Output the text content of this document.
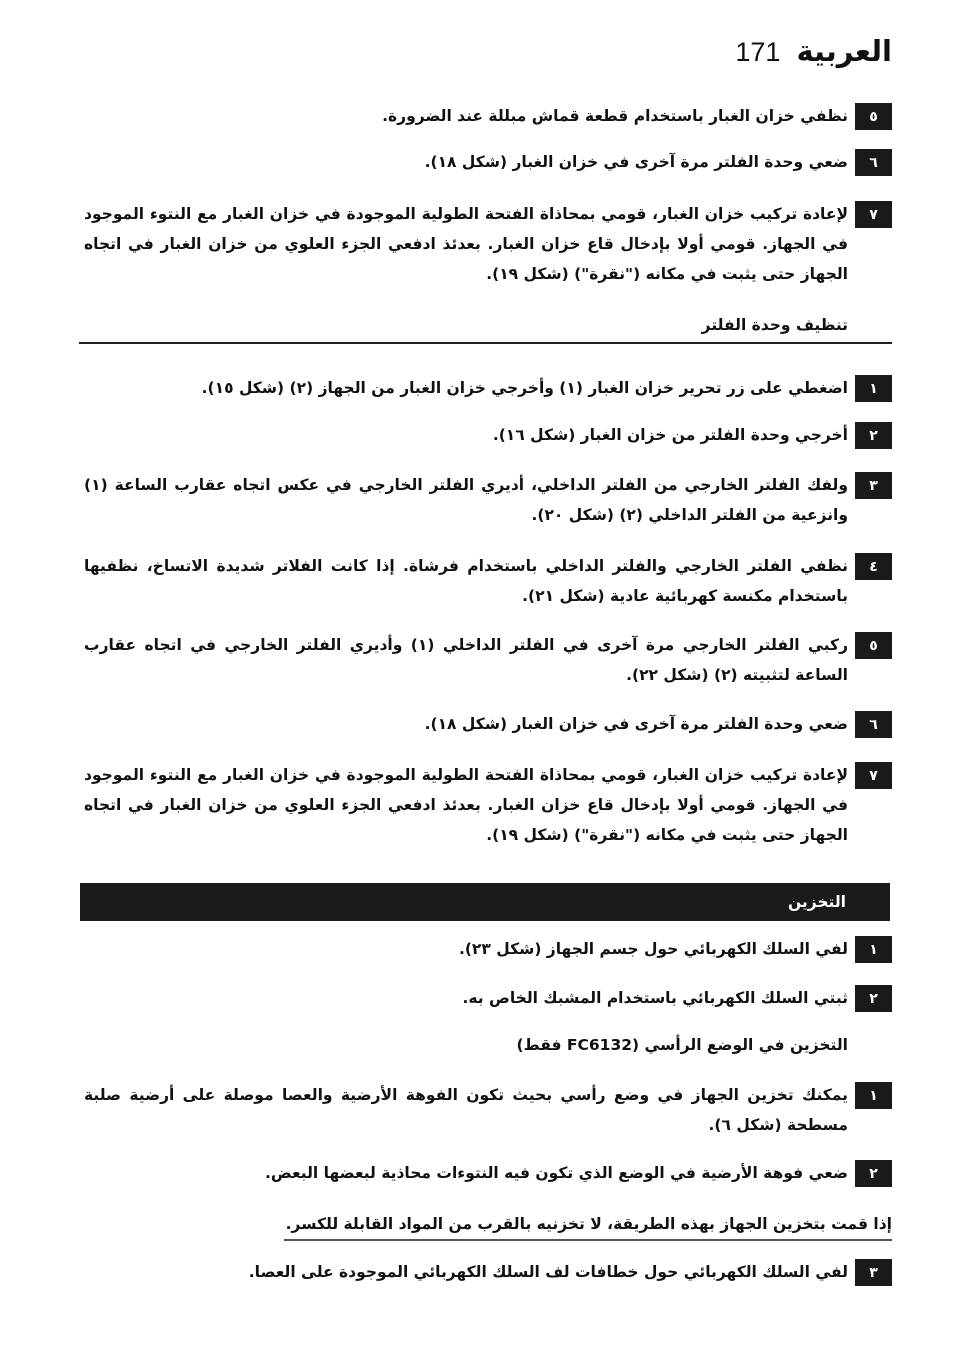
171 العربية
٥
نظفي خزان الغبار باستخدام قطعة قماش مبللة عند الضرورة.
٦
ضعي وحدة الفلتر مرة آخرى في خزان الغبار (شكل ١٨).
٧
لإعادة تركيب خزان الغبار، قومي بمحاذاة الفتحة الطولية الموجودة في خزان الغبار مع النتوء الموجود في الجهاز. قومي أولا بإدخال قاع خزان الغبار. بعدئذ ادفعي الجزء العلوي من خزان الغبار في اتجاه الجهاز حتى يثبت في مكانه ("نقرة") (شكل ١٩).
تنظيف وحدة الفلتر
١
اضغطي على زر تحرير خزان الغبار (١) وأخرجي خزان الغبار من الجهاز (٢) (شكل ١٥).
٢
أخرجي وحدة الفلتر من خزان الغبار (شكل ١٦).
٣
ولفك الفلتر الخارجي من الفلتر الداخلي، أديري الفلتر الخارجي في عكس اتجاه عقارب الساعة (١) وانزعية من الفلتر الداخلي (٢) (شكل ٢٠).
٤
نظفي الفلتر الخارجي والفلتر الداخلي باستخدام فرشاة. إذا كانت الفلاتر شديدة الاتساخ، نظفيها باستخدام مكنسة كهربائية عادية (شكل ٢١).
٥
ركبي الفلتر الخارجي مرة آخرى في الفلتر الداخلي (١) وأديري الفلتر الخارجي في اتجاه عقارب الساعة لتثبيته (٢) (شكل ٢٢).
٦
ضعي وحدة الفلتر مرة آخرى في خزان الغبار (شكل ١٨).
٧
لإعادة تركيب خزان الغبار، قومي بمحاذاة الفتحة الطولية الموجودة في خزان الغبار مع النتوء الموجود في الجهاز. قومي أولا بإدخال قاع خزان الغبار. بعدئذ ادفعي الجزء العلوي من خزان الغبار في اتجاه الجهاز حتى يثبت في مكانه ("نقرة") (شكل ١٩).
التخزين
١
لفي السلك الكهربائي حول جسم الجهاز (شكل ٢٣).
٢
ثبتي السلك الكهربائي باستخدام المشبك الخاص به.
التخزين في الوضع الرأسي (FC6132 فقط)
١
يمكنك تخزين الجهاز في وضع رأسي بحيث تكون الفوهة الأرضية والعصا موصلة على أرضية صلبة مسطحة (شكل ٦).
٢
ضعي فوهة الأرضية في الوضع الذي تكون فيه النتوءات محاذية لبعضها البعض.
إذا قمت بتخزين الجهاز بهذه الطريقة، لا تخزنيه بالقرب من المواد القابلة للكسر.
٣
لفي السلك الكهربائي حول خطافات لف السلك الكهربائي الموجودة على العصا.
